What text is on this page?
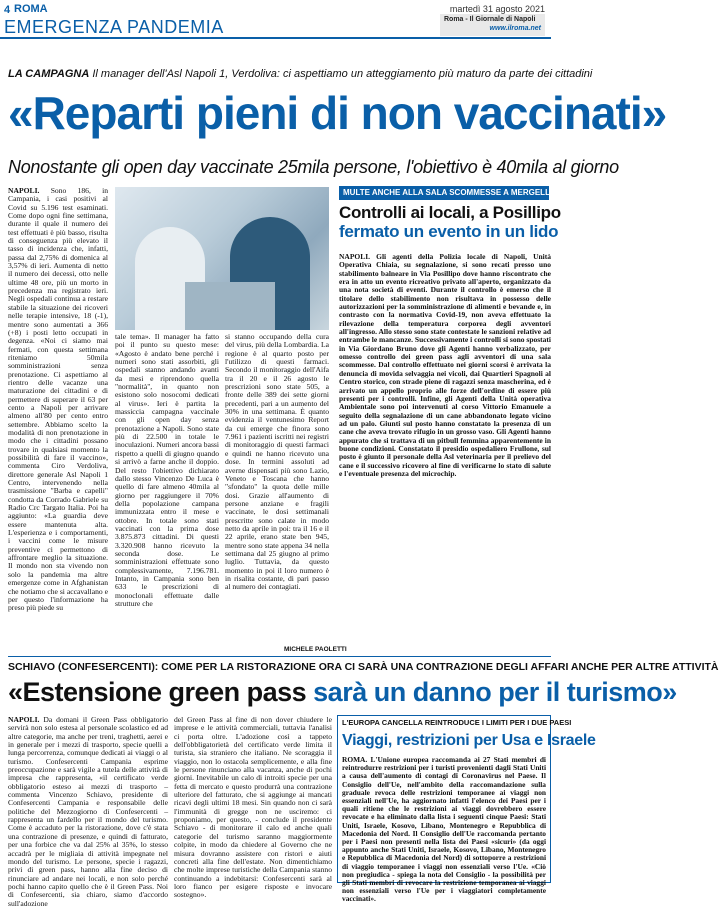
4 ROMA	martedì 31 agosto 2021
EMERGENZA PANDEMIA	Roma - Il Giornale di Napoli
www.ilroma.net
LA CAMPAGNA Il manager dell'Asl Napoli 1, Verdoliva: ci aspettiamo un atteggiamento più maturo da parte dei cittadini
«Reparti pieni di non vaccinati»
Nonostante gli open day vaccinate 25mila persone, l'obiettivo è 40mila al giorno
NAPOLI. Sono 186, in Campania, i casi positivi al Covid su 5.196 test esaminati. Come dopo ogni fine settimana, durante il quale il numero dei test effettuati è più basso, risulta di conseguenza più elevato il tasso di incidenza che, infatti, passa dal 2,75% di domenica al 3,57% di ieri. Aumenta di netto il numero dei decessi, otto nelle ultime 48 ore, più un morto in precedenza ma registrato ieri. Negli ospedali continua a restare stabile la situazione dei ricoveri nelle terapie intensive, 18 (-1), mentre sono aumentati a 366 (+8) i posti letto occupati in degenza. «Noi ci siamo mai fermati, con questa settimana riteniamo 50mila somministrazioni senza prenotazione. Ci aspettiamo al rientro delle vacanze una maturazione dei cittadini e di permettere di superare il 63 per cento a Napoli per arrivare almeno all'80 per cento entro settembre. Abbiamo scelto la modalità di non prenotazione in modo che i cittadini possano trovare in qualsiasi momento la possibilità di fare il vaccino», commenta Ciro Verdoliva, direttore generale Asl Napoli 1 Centro, intervenendo nella trasmissione "Barba e capelli" condotta da Corrado Gabriele su Radio Crc Targato Italia. Poi ha aggiunto: «La guardia deve essere mantenuta alta. L'esperienza e i comportamenti, i vaccini come le misure preventive ci permettono di affrontare meglio la situazione. Il mondo non sta vivendo non solo la pandemia ma altre emergenze come in Afghanistan che notiamo che si accavallano e per questo l'informazione ha preso più piede su
tale tema». Il manager ha fatto poi il punto su questo mese: «Agosto è andato bene perché i numeri sono stati assorbiti, gli ospedali stanno andando avanti da mesi e riprendono quella "normalità", in quanto non esistono solo nosocomi dedicati al virus». Ieri è partita la massiccia campagna vaccinale con gli open day senza prenotazione a Napoli. Sono state più di 22.500 in totale le inoculazioni. Numeri ancora bassi rispetto a quelli di giugno quando si arrivò a farne anche il doppio. Del resto l'obiettivo dichiarato dallo stesso Vincenzo De Luca è quello di fare almeno 40mila al giorno per raggiungere il 70% della popolazione campana immunizzata entro il mese e ottobre. In totale sono stati vaccinati con la prima dose 3.875.873 cittadini. Di questi 3.320.908 hanno ricevuto la seconda dose. Le somministrazioni effettuate sono complessivamente, 7.196.781. Intanto, in Campania sono ben 633 le prescrizioni di monoclonali effettuate dalle strutture che
si stanno occupando della cura del virus, più della Lombardia. La regione è al quarto posto per l'utilizzo di questi farmaci. Secondo il monitoraggio dell'Aifa tra il 20 e il 26 agosto le prescrizioni sono state 505, a fronte delle 389 dei sette giorni precedenti, pari a un aumento del 30% in una settimana. È quanto evidenzia il ventunesimo Report da cui emerge che finora sono 7.961 i pazienti iscritti nei registri di monitoraggio di questi farmaci e quindi ne hanno ricevuto una dose. In termini assoluti ad averne dispensati più sono Lazio, Veneto e Toscana che hanno "sfondato" la quota delle mille dosi. Grazie all'aumento di persone anziane e fragili vaccinate, le dosi settimanali prescritte sono calate in modo netto da aprile in poi: tra il 16 e il 22 aprile, erano state ben 945, mentre sono state appena 34 nella settimana dal 25 giugno al primo luglio. Tuttavia, da questo momento in poi il loro numero è in risalita costante, di pari passo al numero dei contagiati.
MICHELE PAOLETTI
MULTE ANCHE ALLA SALA SCOMMESSE A MERGELLINA
Controlli ai locali, a Posillipo
fermato un evento in un lido
NAPOLI. Gli agenti della Polizia locale di Napoli, Unità Operativa Chiaia, su segnalazione, si sono recati presso uno stabilimento balneare in Via Posillipo dove hanno riscontrato che era in atto un evento ricreativo privato all'aperto, organizzato da una nota società di eventi. Durante il controllo è emerso che il titolare dello stabilimento non risultava in possesso delle autorizzazioni per la somministrazione di alimenti e bevande e, in contrasto con la normativa Covid-19, non aveva effettuato la rilevazione della temperatura corporea degli avventori all'ingresso. Allo stesso sono state contestate le sanzioni relative ad entrambe le mancanze. Successivamente i controlli si sono spostati in Via Giordano Bruno dove gli Agenti hanno verbalizzato, per omesso controllo dei green pass agli avventori di una sala scommesse. Dal controllo effettuato nei giorni scorsi è arrivata la denuncia di movida selvaggia nei vicoli, dai Quartieri Spagnoli al Centro storico, con strade piene di ragazzi senza mascherina, ed è arrivato un appello proprio alle forze dell'ordine di essere più presenti per i controlli. Infine, gli Agenti della Unità operativa Ambientale sono poi intervenuti al corso Vittorio Emanuele a seguito della segnalazione di un cane abbandonato legato vicino ad un palo. Giunti sul posto hanno constatato la presenza di un cane che aveva trovato rifugio in un grosso vaso. Gli Agenti hanno appurato che si trattava di un pitbull femmina apparentemente in buone condizioni. Constatato il presidio ospedaliero Frullone, sul posto è giunto il personale della Asl veterinaria per il prelievo del cane e il successivo ricovero al fine di verificarne lo stato di salute e l'eventuale presenza del microchip.
SCHIAVO (CONFESERCENTI): COME PER LA RISTORAZIONE ORA CI SARÀ UNA CONTRAZIONE DEGLI AFFARI ANCHE PER ALTRE ATTIVITÀ
«Estensione green pass sarà un danno per il turismo»
NAPOLI. Da domani il Green Pass obbligatorio servirà non solo estesa al personale scolastico ed ad altre categorie, ma anche per treni, traghetti, aerei e in generale per i mezzi di trasporto, specie quelli a lunga percorrenza, comunque dedicati ai viaggi o al turismo. Confesercenti Campania esprime preoccupazione e sarà vigile a tutela delle attività di impresa che rappresenta, «il certificato verde obbligatorio esteso ai mezzi di trasporto – commenta Vincenzo Schiavo, presidente di Confesercenti Campania e responsabile delle politiche del Mezzogiorno di Confesercenti – rappresenta un fardello per il mondo del turismo. Come è accaduto per la ristorazione, dove c'è stata una contrazione di presenze, e quindi di fatturato, per una forbice che va dal 25% al 35%, lo stesso accadrà per le migliaia di attività impegnate nel mondo del turismo. Le persone, specie i ragazzi, privi di green pass, hanno alla fine deciso di rinunciare ad andare nei locali, e non solo perché pochi hanno capito quello che è il Green Pass. Noi di Confesercenti, sia chiaro, siamo d'accordo sull'adozione
del Green Pass al fine di non dover chiudere le imprese e le attività commerciali, tuttavia l'analisi ci porta oltre. L'adozione così a tappeto dell'obbligatorietà del certificato verde limita il turista, sia straniero che italiano. Ne scoraggia il viaggio, non lo ostacola semplicemente, e alla fine le persone rinunciano alla vacanza, anche di pochi giorni. Inevitabile un calo di introiti specie per una fetta di mercato e questo produrrà una contrazione ulteriore del fatturato, che si aggiunge ai mancati ricavi degli ultimi 18 mesi. Sin quando non ci sarà l'immunità di gregge non ne usciremo: ci proponiamo, per questo, - conclude il presidente Schiavo - di monitorare il calo ed anche quali categorie del turismo saranno maggiormente colpite, in modo da chiedere al Governo che ne misura dovranno assistere con ristori e aiuti concreti alla fine dell'estate. Non dimentichiamo che molte imprese turistiche della Campania stanno continuando a indebitarsi: Confesercenti sarà al loro fianco per esigere risposte e invocare sostegno».
L'EUROPA CANCELLA REINTRODUCE I LIMITI PER I DUE PAESI
Viaggi, restrizioni per Usa e Israele
ROMA. L'Unione europea raccomanda ai 27 Stati membri di reintrodurre restrizioni per i turisti provenienti dagli Stati Uniti a causa dell'aumento di contagi di Coronavirus nel Paese. Il Consiglio dell'Ue, nell'ambito della raccomandazione sulla graduale revoca delle restrizioni temporanee ai viaggi non essenziali nell'Ue, ha aggiornato infatti l'elenco dei Paesi per i quali ritiene che le restrizioni ai viaggi dovrebbero essere revocate e ha eliminato dalla lista i seguenti cinque Paesi: Stati Uniti, Israele, Kosovo, Libano, Montenegro e Repubblica di Macedonia del Nord. Il Consiglio dell'Ue raccomanda pertanto per i Paesi non presenti nella lista dei Paesi «sicuri» (da oggi appunto anche Stati Uniti, Israele, Kosovo, Libano, Montenegro e Repubblica di Macedonia del Nord) di sottoporre a restrizioni di viaggio temporanee i viaggi non essenziali verso l'Ue. «Ciò non pregiudica - spiega la nota del Consiglio - la possibilità per gli Stati membri di revocare la restrizione temporanea ai viaggi non essenziali verso l'Ue per i viaggiatori completamente vaccinati».
